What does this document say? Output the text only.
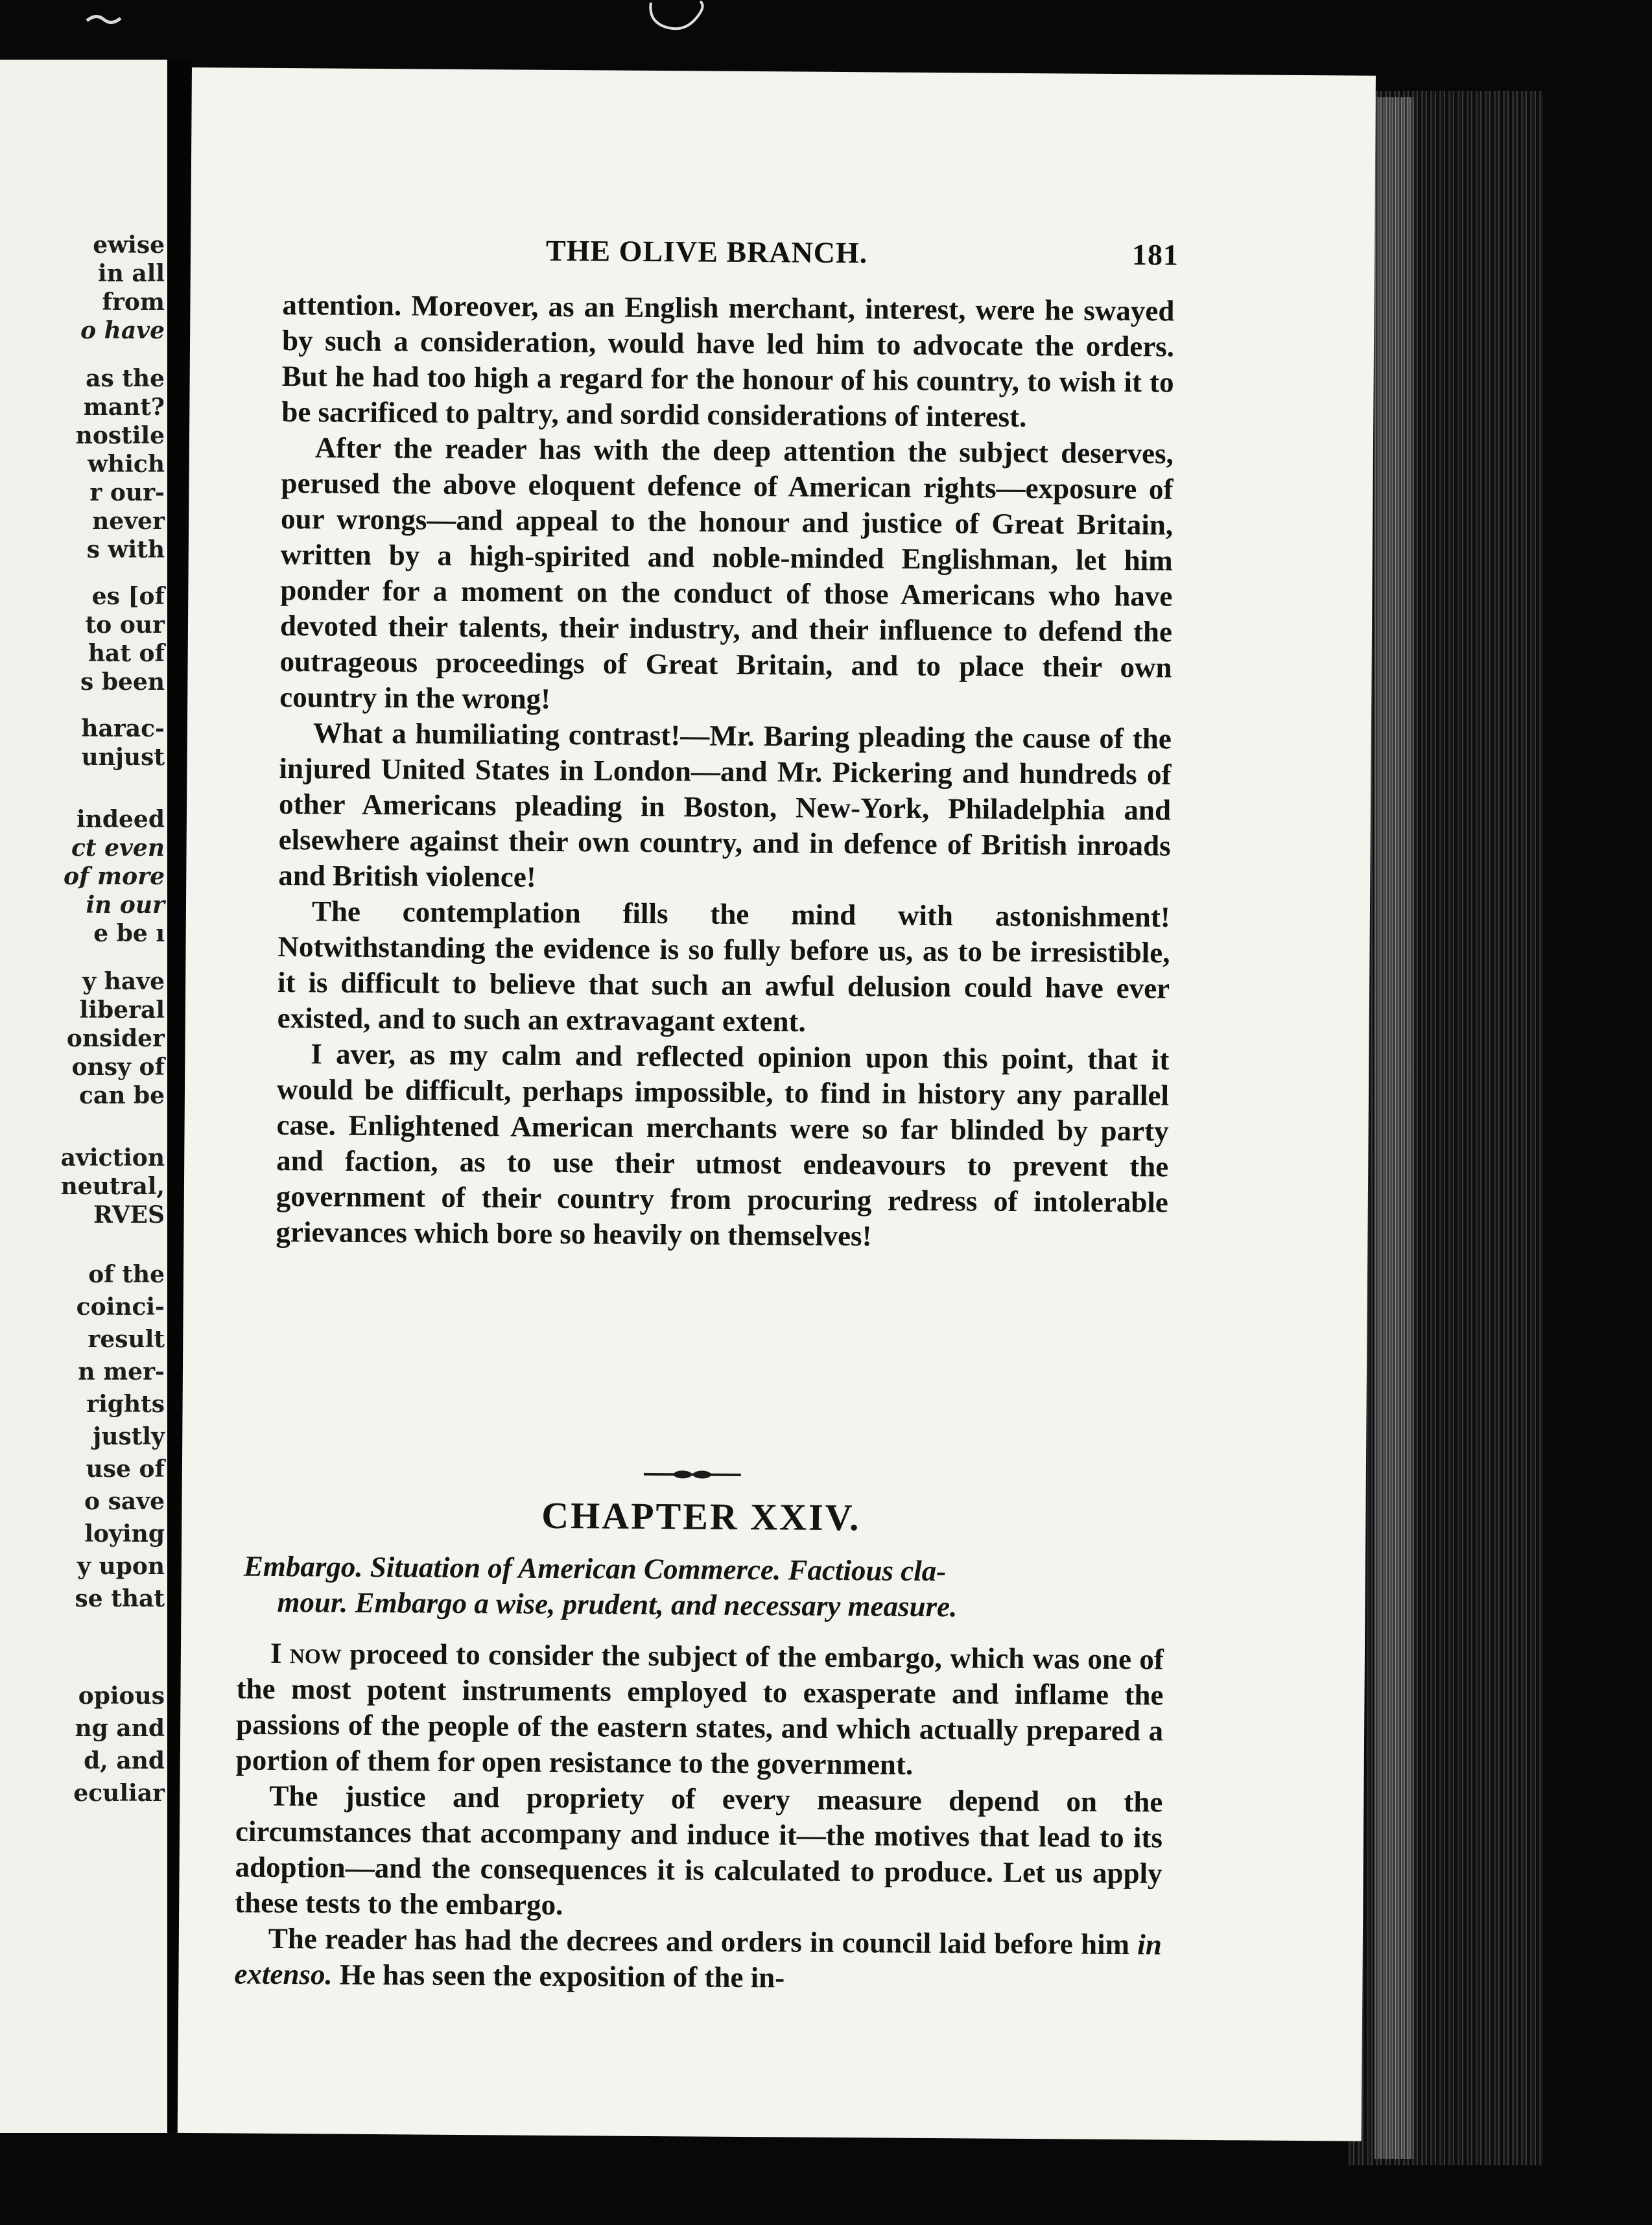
ewise
in all
from
o have
as the
mant?
nostile
which
r our-
never
s with
es [of
to our
hat of
s been
harac-
unjust
indeed
ct even
of more
in our
e be ı
y have
liberal
onsider
onsy of
can be
aviction
neutral,
RVES
of the
coinci-
result
n mer-
rights
justly
use of
o save
loying
y upon
se that
opious
ng and
d, and
eculiar
THE OLIVE BRANCH.	181

attention. Moreover, as an English merchant, interest, were he swayed by such a consideration, would have led him to advocate the orders. But he had too high a regard for the honour of his country, to wish it to be sacrificed to paltry, and sordid considerations of interest.

After the reader has with the deep attention the subject deserves, perused the above eloquent defence of American rights—exposure of our wrongs—and appeal to the honour and justice of Great Britain, written by a high-spirited and noble-minded Englishman, let him ponder for a moment on the conduct of those Americans who have devoted their talents, their industry, and their influence to defend the outrageous proceedings of Great Britain, and to place their own country in the wrong!

What a humiliating contrast!—Mr. Baring pleading the cause of the injured United States in London—and Mr. Pickering and hundreds of other Americans pleading in Boston, New-York, Philadelphia and elsewhere against their own country, and in defence of British inroads and British violence!

The contemplation fills the mind with astonishment! Notwithstanding the evidence is so fully before us, as to be irresistible, it is difficult to believe that such an awful delusion could have ever existed, and to such an extravagant extent.

I aver, as my calm and reflected opinion upon this point, that it would be difficult, perhaps impossible, to find in history any parallel case. Enlightened American merchants were so far blinded by party and faction, as to use their utmost endeavours to prevent the government of their country from procuring redress of intolerable grievances which bore so heavily on themselves!

CHAPTER XXIV.
Embargo. Situation of American Commerce. Factious cla-
mour. Embargo a wise, prudent, and necessary measure.

I now proceed to consider the subject of the embargo, which was one of the most potent instruments employed to exasperate and inflame the passions of the people of the eastern states, and which actually prepared a portion of them for open resistance to the government.

The justice and propriety of every measure depend on the circumstances that accompany and induce it—the motives that lead to its adoption—and the consequences it is calculated to produce. Let us apply these tests to the embargo.

The reader has had the decrees and orders in council laid before him in extenso. He has seen the exposition of the in-
